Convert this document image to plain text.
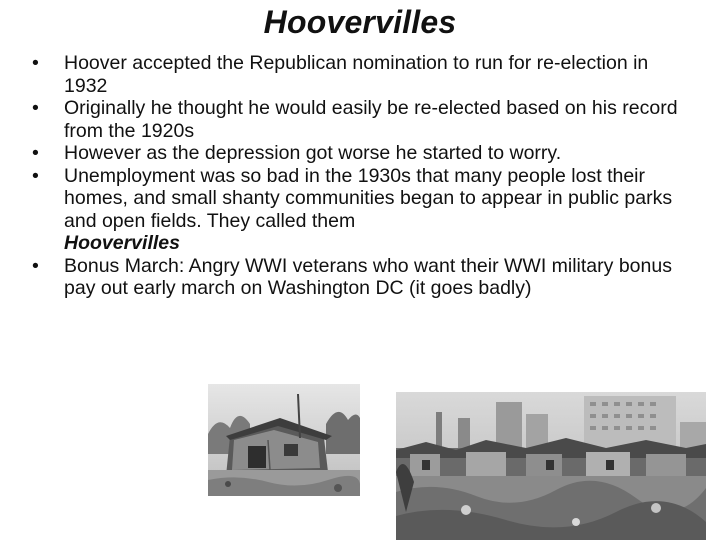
Hoovervilles
• Hoover accepted the Republican nomination to run for re-election in 1932
• Originally he thought he would easily be re-elected based on his record from the 1920s
• However as the depression got worse he started to worry.
• Unemployment was so bad in the 1930s that many people lost their homes, and small shanty communities began to appear in public parks and open fields. They called them
Hoovervilles
• Bonus March: Angry WWI veterans who want their WWI military bonus pay out early march on Washington DC (it goes badly)
